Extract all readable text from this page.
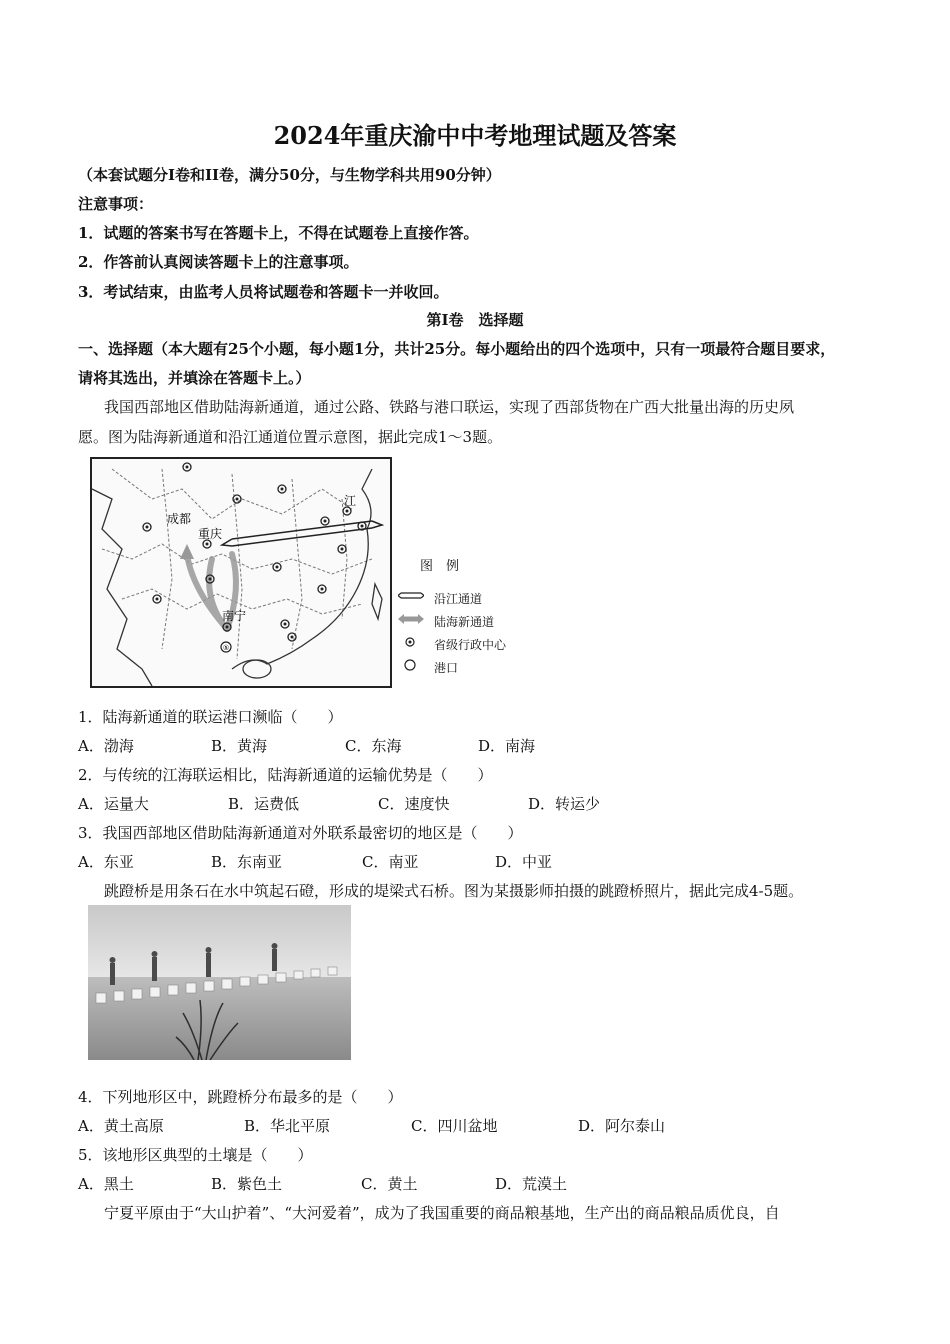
2024年重庆渝中中考地理试题及答案
（本套试题分I卷和II卷，满分50分，与生物学科共用90分钟）
注意事项：
1．试题的答案书写在答题卡上，不得在试题卷上直接作答。
2．作答前认真阅读答题卡上的注意事项。
3．考试结束，由监考人员将试题卷和答题卡一并收回。
第I卷　选择题
一、选择题（本大题有25个小题，每小题1分，共计25分。每小题给出的四个选项中，只有一项最符合题目要求，
请将其选出，并填涂在答题卡上。）
我国西部地区借助陆海新通道，通过公路、铁路与港口联运，实现了西部货物在广西大批量出海的历史夙
愿。图为陆海新通道和沿江通道位置示意图，据此完成1～3题。
⑤
成都
重庆
南宁
江
图　例
沿江通道
陆海新通道
省级行政中心
港口
1．陆海新通道的联运港口濒临（　　）
A．渤海	B．黄海	C．东海	D．南海
2．与传统的江海联运相比，陆海新通道的运输优势是（　　）
A．运量大	B．运费低	C．速度快	D．转运少
3．我国西部地区借助陆海新通道对外联系最密切的地区是（　　）
A．东亚	B．东南亚	C．南亚	D．中亚
跳蹬桥是用条石在水中筑起石磴，形成的堤梁式石桥。图为某摄影师拍摄的跳蹬桥照片，据此完成4-5题。
4．下列地形区中，跳蹬桥分布最多的是（　　）
A．黄土高原	B．华北平原	C．四川盆地	D．阿尔泰山
5．该地形区典型的土壤是（　　）
A．黑土	B．紫色土	C．黄土	D．荒漠土
宁夏平原由于“大山护着”、“大河爱着”，成为了我国重要的商品粮基地，生产出的商品粮品质优良，自
